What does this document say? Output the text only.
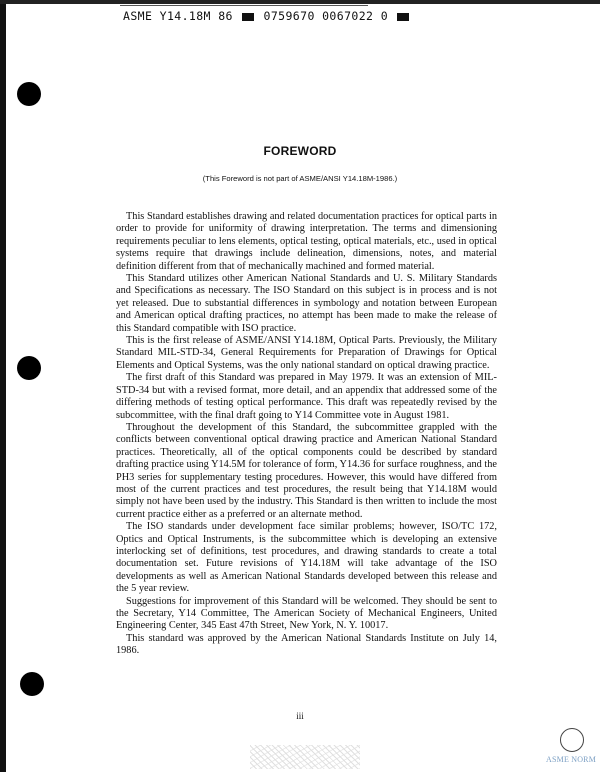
ASME Y14.18M 86	0759670 0067022 0
FOREWORD
(This Foreword is not part of ASME/ANSI Y14.18M-1986.)

This Standard establishes drawing and related documentation practices for optical parts in order to provide for uniformity of drawing interpretation. The terms and dimensioning requirements peculiar to lens elements, optical testing, optical materials, etc., used in optical systems require that drawings include delineation, dimensions, notes, and material definition different from that of mechanically machined and formed material.

This Standard utilizes other American National Standards and U. S. Military Standards and Specifications as necessary. The ISO Standard on this subject is in process and is not yet released. Due to substantial differences in symbology and notation between European and American optical drafting practices, no attempt has been made to make the release of this Standard compatible with ISO practice.

This is the first release of ASME/ANSI Y14.18M, Optical Parts. Previously, the Military Standard MIL-STD-34, General Requirements for Preparation of Drawings for Optical Elements and Optical Systems, was the only national standard on optical drawing practice.

The first draft of this Standard was prepared in May 1979. It was an extension of MIL-STD-34 but with a revised format, more detail, and an appendix that addressed some of the differing methods of testing optical performance. This draft was repeatedly revised by the subcommittee, with the final draft going to Y14 Committee vote in August 1981.

Throughout the development of this Standard, the subcommittee grappled with the conflicts between conventional optical drawing practice and American National Standard practices. Theoretically, all of the optical components could be described by standard drafting practice using Y14.5M for tolerance of form, Y14.36 for surface roughness, and the PH3 series for supplementary testing procedures. However, this would have differed from most of the current practices and test procedures, the result being that Y14.18M would simply not have been used by the industry. This Standard is then written to include the most current practice either as a preferred or an alternate method.

The ISO standards under development face similar problems; however, ISO/TC 172, Optics and Optical Instruments, is the subcommittee which is developing an extensive interlocking set of definitions, test procedures, and drawing standards to create a total documentation set. Future revisions of Y14.18M will take advantage of the ISO developments as well as American National Standards developed between this release and the 5 year review.

Suggestions for improvement of this Standard will be welcomed. They should be sent to the Secretary, Y14 Committee, The American Society of Mechanical Engineers, United Engineering Center, 345 East 47th Street, New York, N. Y. 10017.

This standard was approved by the American National Standards Institute on July 14, 1986.

iii
ASME NORM
